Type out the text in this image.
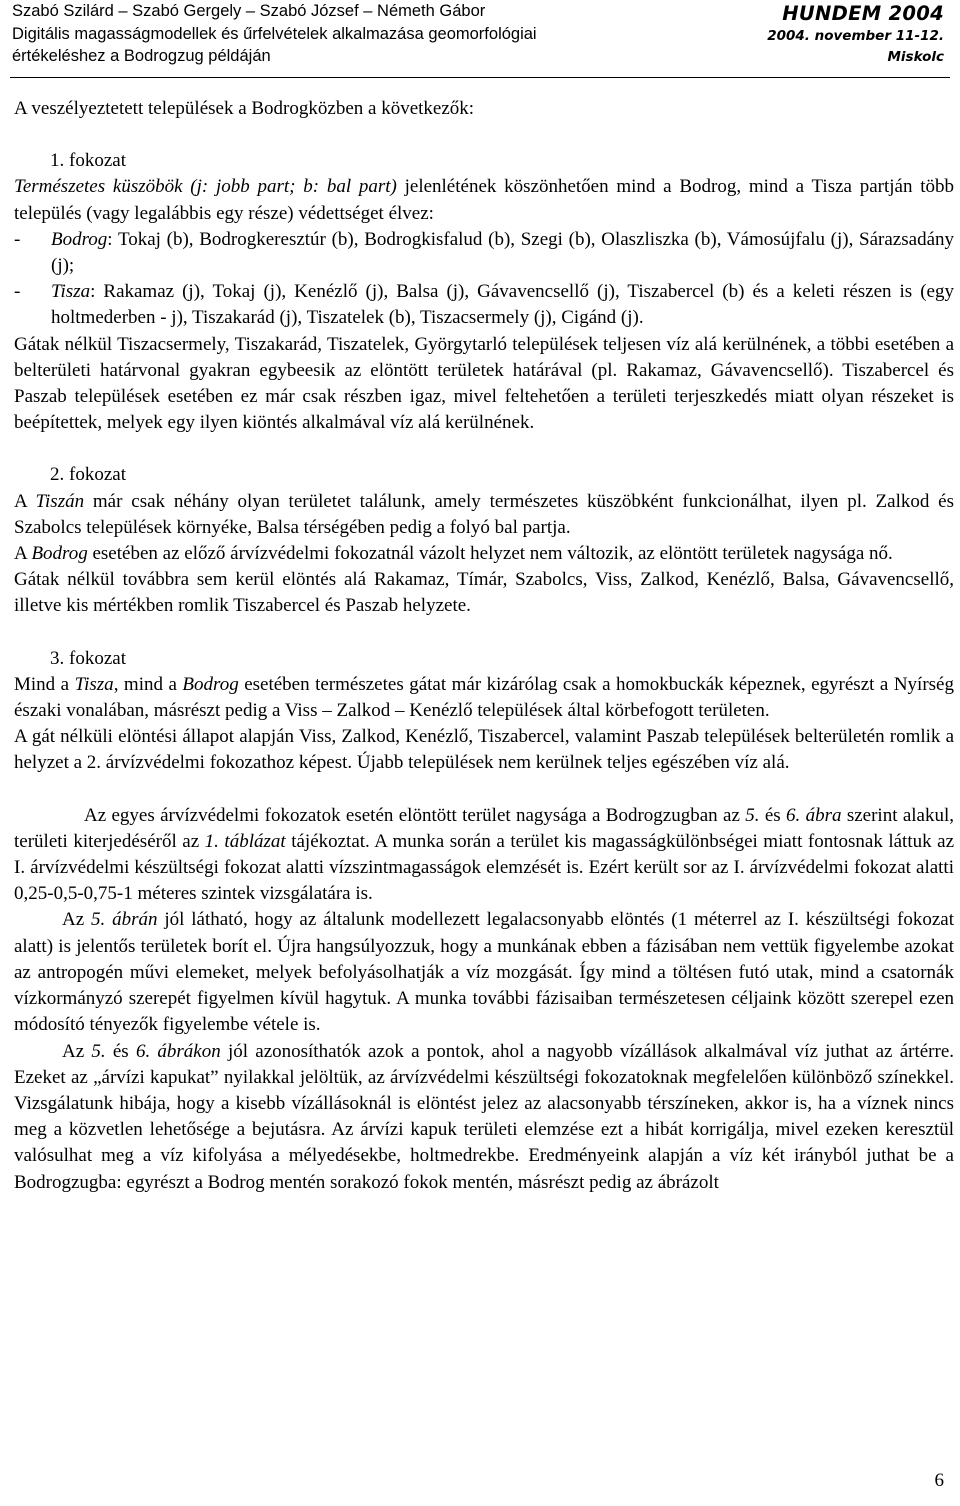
Szabó Szilárd – Szabó Gergely – Szabó József – Németh Gábor
Digitális magasságmodellek és űrfelvételek alkalmazása geomorfológiai
értékeléshez a Bodrogzug példáján
HUNDEM 2004
2004. november 11-12.
Miskolc

A veszélyeztetett települések a Bodrogközben a következők:

1. fokozat

Természetes küszöbök (j: jobb part; b: bal part) jelenlétének köszönhetően mind a Bodrog, mind a Tisza partján több település (vagy legalábbis egy része) védettséget élvez:

- Bodrog: Tokaj (b), Bodrogkeresztúr (b), Bodrogkisfalud (b), Szegi (b), Olaszliszka (b), Vámosújfalu (j), Sárazsadány (j);
- Tisza: Rakamaz (j), Tokaj (j), Kenézlő (j), Balsa (j), Gávavencsellő (j), Tiszabercel (b) és a keleti részen is (egy holtmederben - j), Tiszakarád (j), Tiszatelek (b), Tiszacsermely (j), Cigánd (j).

Gátak nélkül Tiszacsermely, Tiszakarád, Tiszatelek, Györgytarló települések teljesen víz alá kerülnének, a többi esetében a belterületi határvonal gyakran egybeesik az elöntött területek határával (pl. Rakamaz, Gávavencsellő). Tiszabercel és Paszab települések esetében ez már csak részben igaz, mivel feltehetően a területi terjeszkedés miatt olyan részeket is beépítettek, melyek egy ilyen kiöntés alkalmával víz alá kerülnének.

2. fokozat

A Tiszán már csak néhány olyan területet találunk, amely természetes küszöbként funkcionálhat, ilyen pl. Zalkod és Szabolcs települések környéke, Balsa térségében pedig a folyó bal partja.

A Bodrog esetében az előző árvízvédelmi fokozatnál vázolt helyzet nem változik, az elöntött területek nagysága nő.

Gátak nélkül továbbra sem kerül elöntés alá Rakamaz, Tímár, Szabolcs, Viss, Zalkod, Kenézlő, Balsa, Gávavencsellő, illetve kis mértékben romlik Tiszabercel és Paszab helyzete.

3. fokozat

Mind a Tisza, mind a Bodrog esetében természetes gátat már kizárólag csak a homokbuckák képeznek, egyrészt a Nyírség északi vonalában, másrészt pedig a Viss – Zalkod – Kenézlő települések által körbefogott területen.

A gát nélküli elöntési állapot alapján Viss, Zalkod, Kenézlő, Tiszabercel, valamint Paszab települések belterületén romlik a helyzet a 2. árvízvédelmi fokozathoz képest. Újabb települések nem kerülnek teljes egészében víz alá.

Az egyes árvízvédelmi fokozatok esetén elöntött terület nagysága a Bodrogzugban az 5. és 6. ábra szerint alakul, területi kiterjedéséről az 1. táblázat tájékoztat. A munka során a terület kis magasságkülönbségei miatt fontosnak láttuk az I. árvízvédelmi készültségi fokozat alatti vízszintmagasságok elemzését is. Ezért került sor az I. árvízvédelmi fokozat alatti 0,25-0,5-0,75-1 méteres szintek vizsgálatára is.

Az 5. ábrán jól látható, hogy az általunk modellezett legalacsonyabb elöntés (1 méterrel az I. készültségi fokozat alatt) is jelentős területek borít el. Újra hangsúlyozzuk, hogy a munkának ebben a fázisában nem vettük figyelembe azokat az antropogén művi elemeket, melyek befolyásolhatják a víz mozgását. Így mind a töltésen futó utak, mind a csatornák vízkormányzó szerepét figyelmen kívül hagytuk. A munka további fázisaiban természetesen céljaink között szerepel ezen módosító tényezők figyelembe vétele is.

Az 5. és 6. ábrákon jól azonosíthatók azok a pontok, ahol a nagyobb vízállások alkalmával víz juthat az ártérre. Ezeket az „árvízi kapukat” nyilakkal jelöltük, az árvízvédelmi készültségi fokozatoknak megfelelően különböző színekkel. Vizsgálatunk hibája, hogy a kisebb vízállásoknál is elöntést jelez az alacsonyabb térszíneken, akkor is, ha a víznek nincs meg a közvetlen lehetősége a bejutásra. Az árvízi kapuk területi elemzése ezt a hibát korrigálja, mivel ezeken keresztül valósulhat meg a víz kifolyása a mélyedésekbe, holtmedrekbe. Eredményeink alapján a víz két irányból juthat be a Bodrogzugba: egyrészt a Bodrog mentén sorakozó fokok mentén, másrészt pedig az ábrázolt

6
